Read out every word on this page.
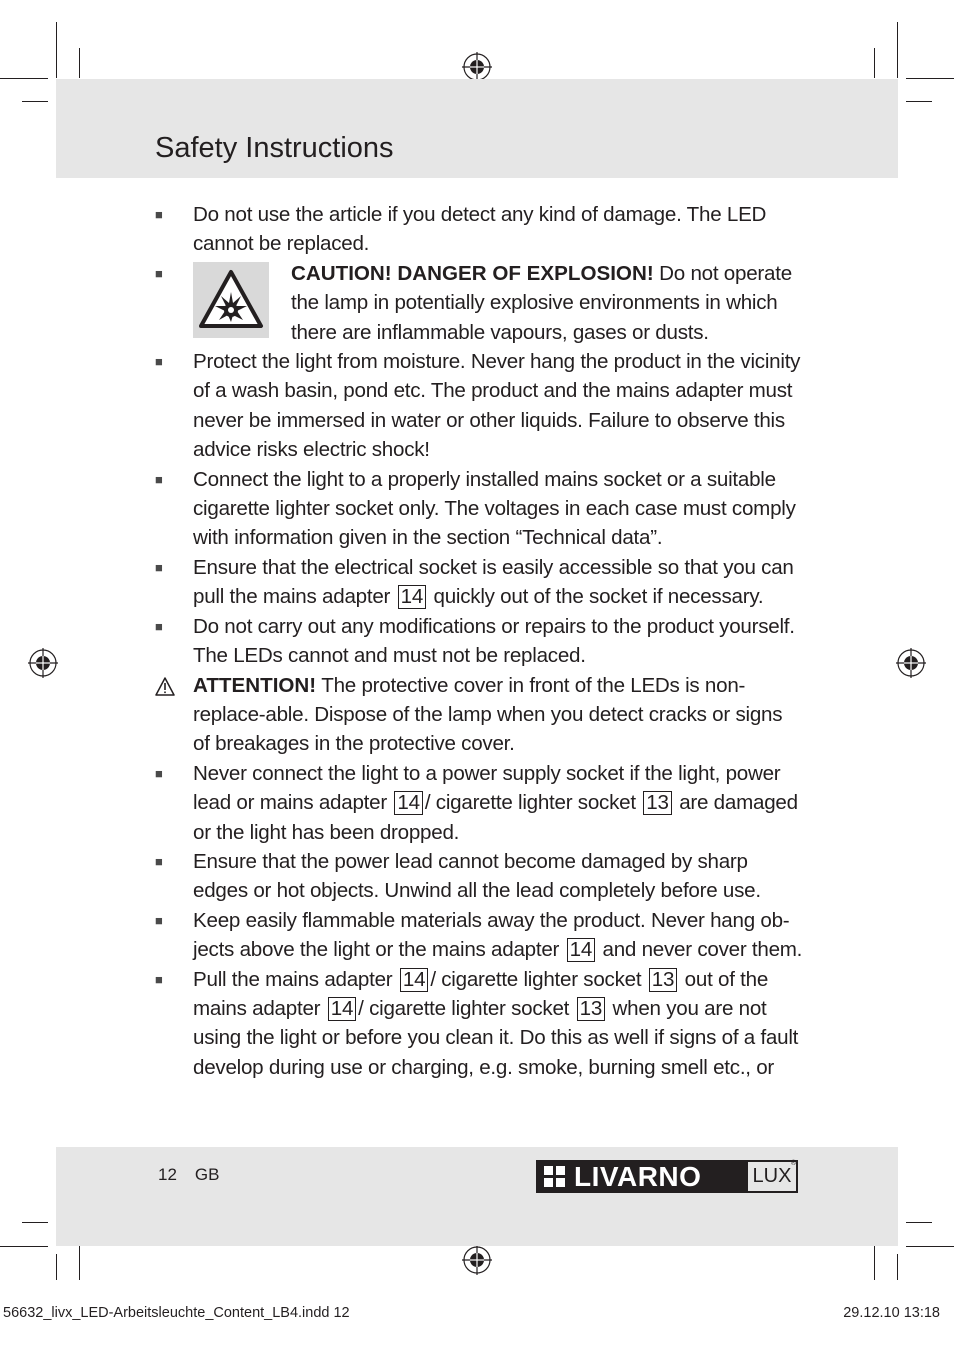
Safety Instructions
■	Do not use the article if you detect any kind of damage. The LED cannot be replaced.
■	CAUTION! DANGER OF EXPLOSION! Do not operate the lamp in potentially explosive environments in which there are inflammable vapours, gases or dusts.
■	Protect the light from moisture. Never hang the product in the vicinity of a wash basin, pond etc. The product and the mains adapter must never be immersed in water or other liquids. Failure to observe this advice risks electric shock!
■	Connect the light to a properly installed mains socket or a suitable cigarette lighter socket only. The voltages in each case must comply with information given in the section “Technical data”.
■	Ensure that the electrical socket is easily accessible so that you can pull the mains adapter 14 quickly out of the socket if necessary.
■	Do not carry out any modifications or repairs to the product yourself. The LEDs cannot and must not be replaced.
ATTENTION! The protective cover in front of the LEDs is non-replace-able. Dispose of the lamp when you detect cracks or signs of breakages in the protective cover.
■	Never connect the light to a power supply socket if the light, power lead or mains adapter 14 / cigarette lighter socket 13 are damaged or the light has been dropped.
■	Ensure that the power lead cannot become damaged by sharp edges or hot objects. Unwind all the lead completely before use.
■	Keep easily flammable materials away the product. Never hang ob-jects above the light or the mains adapter 14 and never cover them.
■	Pull the mains adapter 14 / cigarette lighter socket 13 out of the mains adapter 14 / cigarette lighter socket 13 when you are not using the light or before you clean it. Do this as well if signs of a fault develop during use or charging, e.g. smoke, burning smell etc., or
12 GB	LIVARNO	LUX
®
56632_livx_LED-Arbeitsleuchte_Content_LB4.indd 12	29.12.10 13:18
